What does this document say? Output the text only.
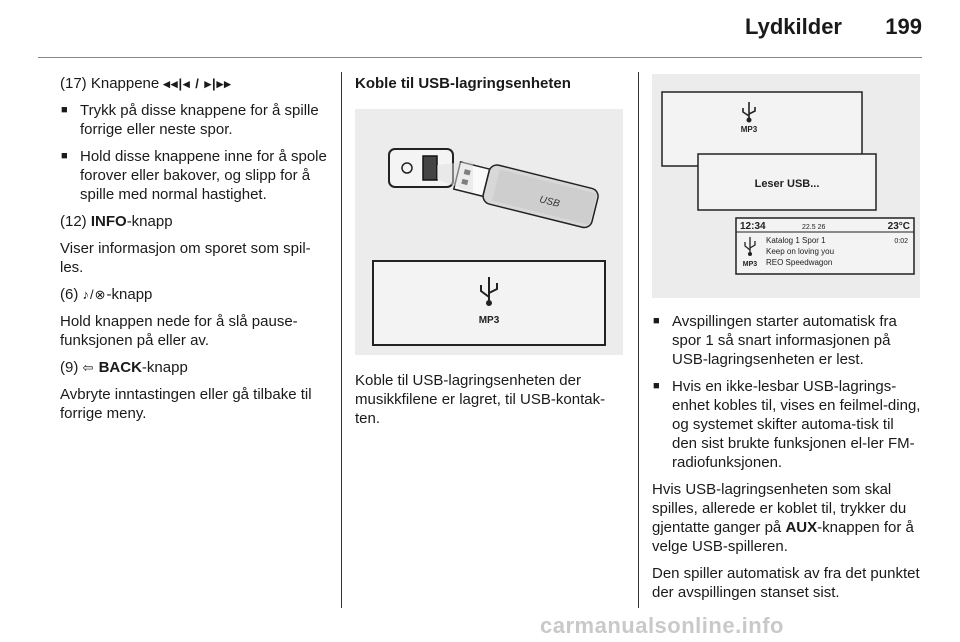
Lydkilder 199

(17) Knappene ◂◂|◂ / ▸|▸▸

■ Trykk på disse knappene for å spille forrige eller neste spor.
■ Hold disse knappene inne for å spole forover eller bakover, og slipp for å spille med normal hastighet.

(12) INFO-knapp

Viser informasjon om sporet som spil-les.

(6) ♪/⊗-knapp

Hold knappen nede for å slå pause-funksjonen på eller av.

(9) ⇦ BACK-knapp

Avbryte inntastingen eller gå tilbake til forrige meny.

Koble til USB-lagringsenheten
USB
MP3

Koble til USB-lagringsenheten der musikkfilene er lagret, til USB-kontak-ten.

MP3
Leser USB...
12:34	22.5 26	23°C
MP3
Katalog 1 Spor 1	0:02
Keep on loving you
REO Speedwagon
■ Avspillingen starter automatisk fra spor 1 så snart informasjonen på USB-lagringsenheten er lest.
■ Hvis en ikke-lesbar USB-lagrings-enhet kobles til, vises en feilmel-ding, og systemet skifter automa-tisk til den sist brukte funksjonen el-ler FM-radiofunksjonen.

Hvis USB-lagringsenheten som skal spilles, allerede er koblet til, trykker du gjentatte ganger på AUX-knappen for å velge USB-spilleren.

Den spiller automatisk av fra det punktet der avspillingen stanset sist.

carmanualsonline.info
